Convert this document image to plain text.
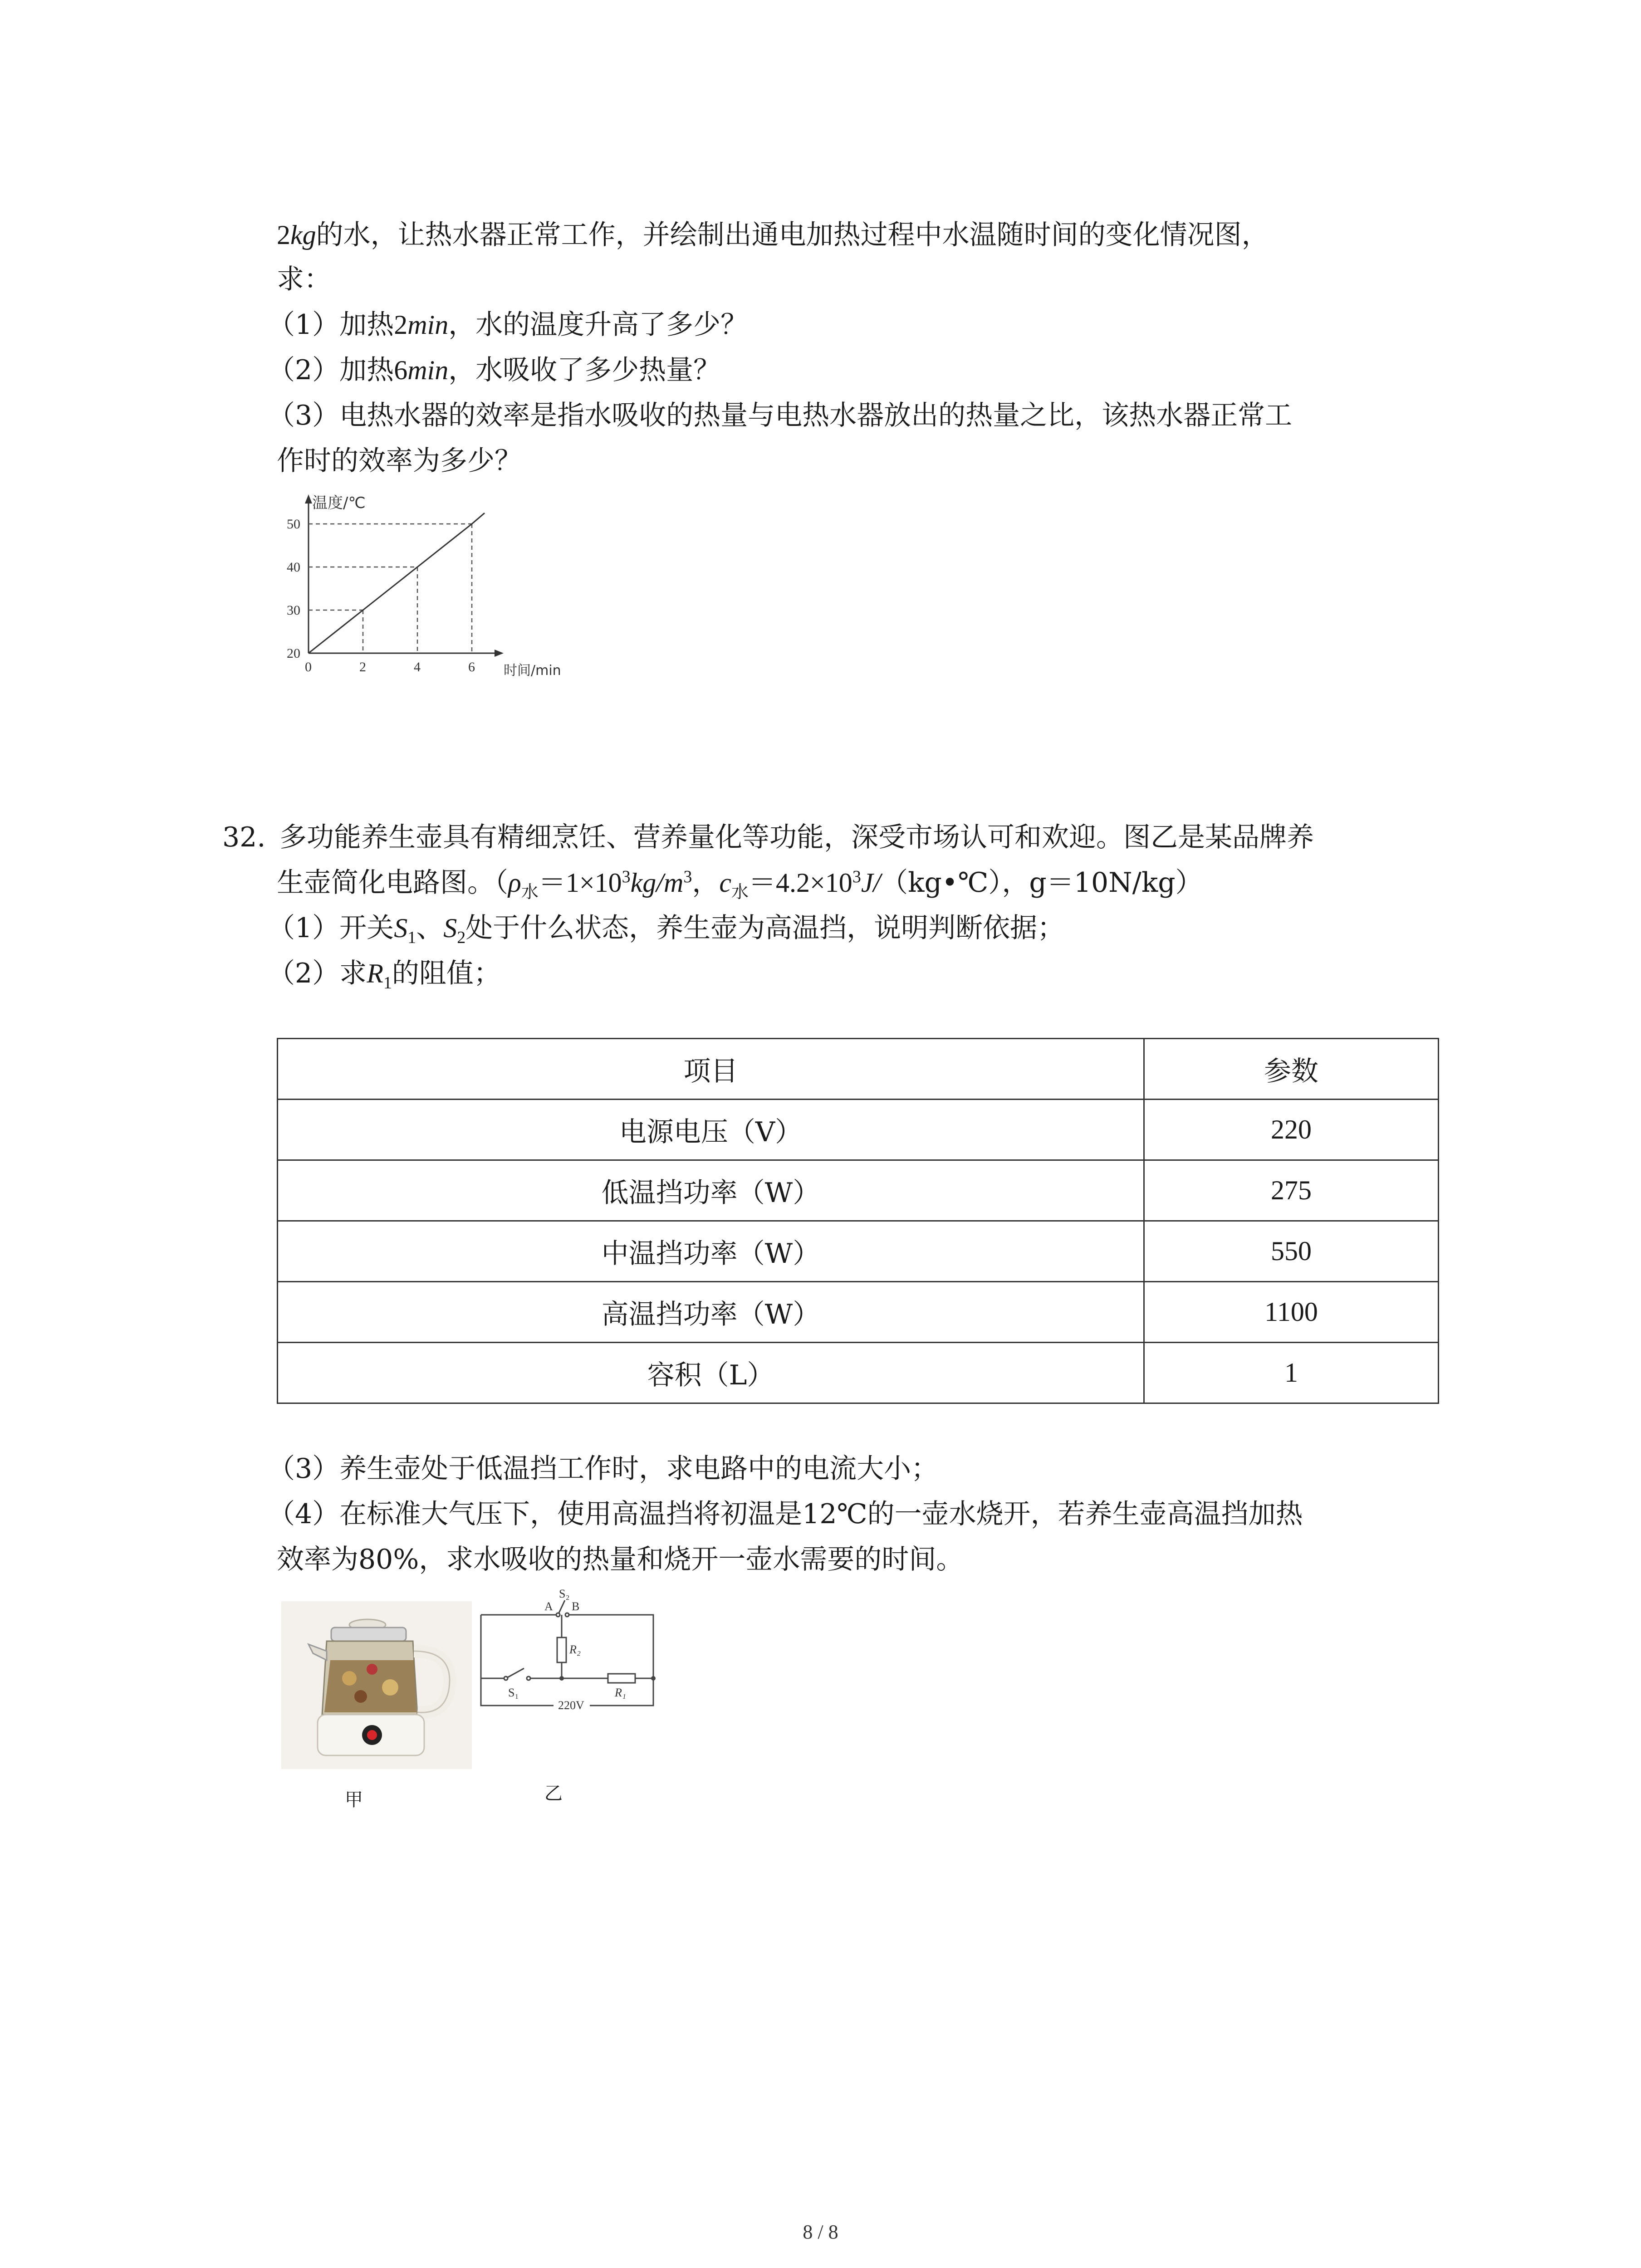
2kg的水，让热水器正常工作，并绘制出通电加热过程中水温随时间的变化情况图，
求：
（1）加热2min，水的温度升高了多少？
（2）加热6min，水吸收了多少热量？
（3）电热水器的效率是指水吸收的热量与电热水器放出的热量之比，该热水器正常工
作时的效率为多少？
温度/℃
时间/min
0	2	4	6
20
30
40
50
32. 多功能养生壶具有精细烹饪、营养量化等功能，深受市场认可和欢迎。图乙是某品牌养
生壶简化电路图。（$\rho_水=1\times 10^3kg/m^3$，$c_水=4.2\times 10^3J/(kg•℃)$，g＝10N/kg）
（1）开关$S_1$、$S_2$处于什么状态，养生壶为高温挡，说明判断依据；
（2）求$R_1$的阻值；
项目	参数
电源电压（V）	220
低温挡功率（W）	275
中温挡功率（W）	550
高温挡功率（W）	1100
容积（L）	1
（3）养生壶处于低温挡工作时，求电路中的电流大小；
（4）在标准大气压下，使用高温挡将初温是12℃的一壶水烧开，若养生壶高温挡加热
效率为80%，求水吸收的热量和烧开一壶水需要的时间。
A B
S₂
R₂
S₁	R₁
220V
甲	乙
8 / 8
